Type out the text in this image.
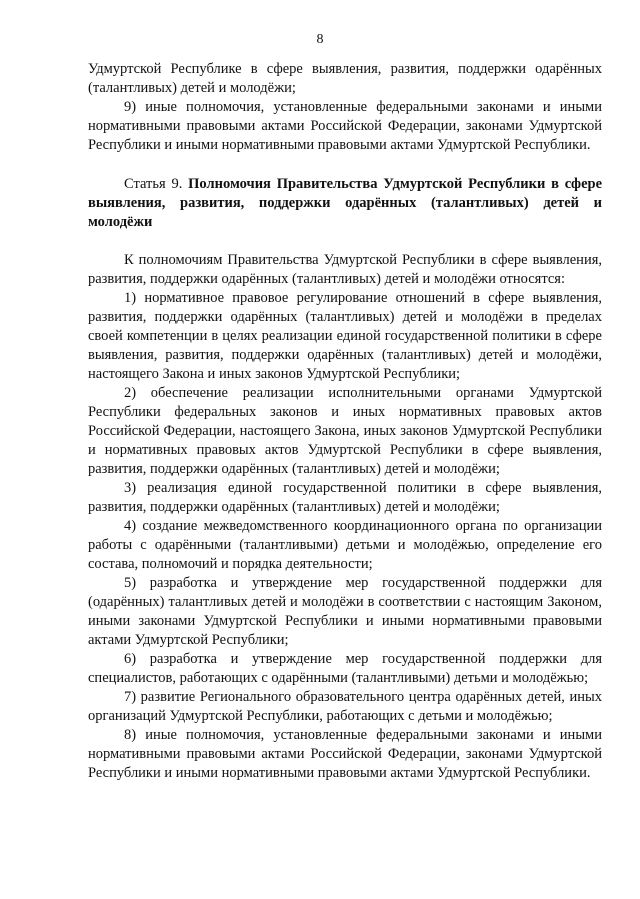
8

Удмуртской Республике в сфере выявления, развития, поддержки одарённых (талантливых) детей и молодёжи;

9) иные полномочия, установленные федеральными законами и иными нормативными правовыми актами Российской Федерации, законами Удмуртской Республики и иными нормативными правовыми актами Удмуртской Республики.

Статья 9. Полномочия Правительства Удмуртской Республики в сфере выявления, развития, поддержки одарённых (талантливых) детей и молодёжи

К полномочиям Правительства Удмуртской Республики в сфере выявления, развития, поддержки одарённых (талантливых) детей и молодёжи относятся:

1) нормативное правовое регулирование отношений в сфере выявления, развития, поддержки одарённых (талантливых) детей и молодёжи в пределах своей компетенции в целях реализации единой государственной политики в сфере выявления, развития, поддержки одарённых (талантливых) детей и молодёжи, настоящего Закона и иных законов Удмуртской Республики;

2) обеспечение реализации исполнительными органами Удмуртской Республики федеральных законов и иных нормативных правовых актов Российской Федерации, настоящего Закона, иных законов Удмуртской Республики и нормативных правовых актов Удмуртской Республики в сфере выявления, развития, поддержки одарённых (талантливых) детей и молодёжи;

3) реализация единой государственной политики в сфере выявления, развития, поддержки одарённых (талантливых) детей и молодёжи;

4) создание межведомственного координационного органа по организации работы с одарёнными (талантливыми) детьми и молодёжью, определение его состава, полномочий и порядка деятельности;

5) разработка и утверждение мер государственной поддержки для (одарённых) талантливых детей и молодёжи в соответствии с настоящим Законом, иными законами Удмуртской Республики и иными нормативными правовыми актами Удмуртской Республики;

6) разработка и утверждение мер государственной поддержки для специалистов, работающих с одарёнными (талантливыми) детьми и молодёжью;

7) развитие Регионального образовательного центра одарённых детей, иных организаций Удмуртской Республики, работающих с детьми и молодёжью;

8) иные полномочия, установленные федеральными законами и иными нормативными правовыми актами Российской Федерации, законами Удмуртской Республики и иными нормативными правовыми актами Удмуртской Республики.
